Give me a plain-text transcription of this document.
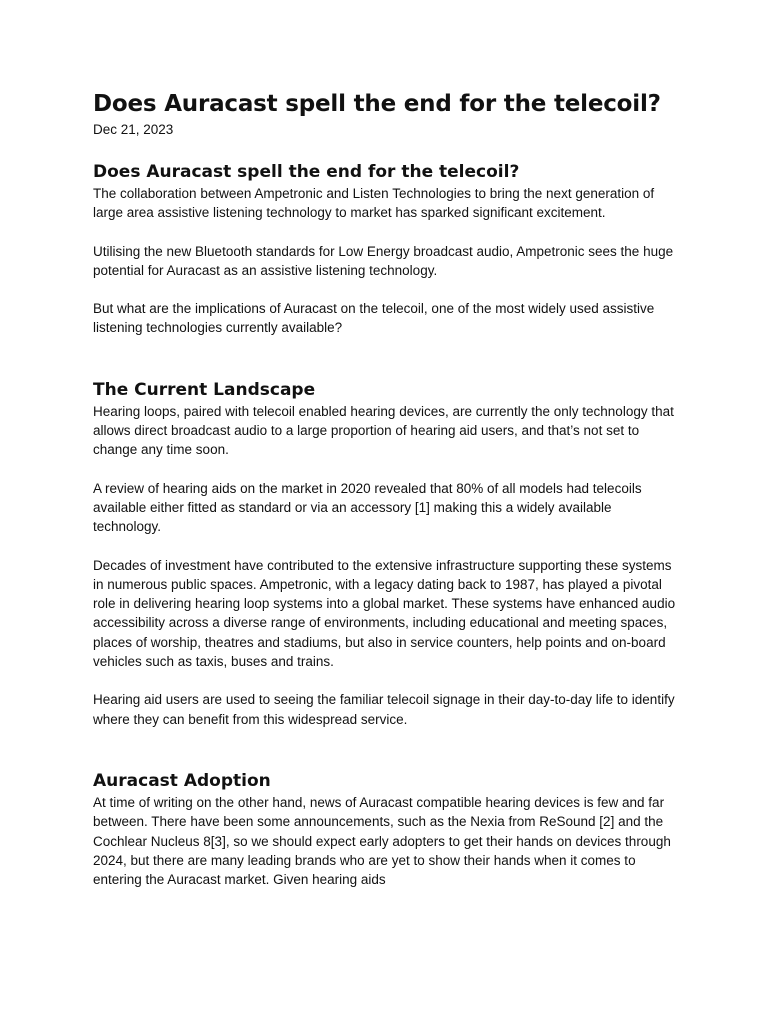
Does Auracast spell the end for the telecoil?
Dec 21, 2023
Does Auracast spell the end for the telecoil?

The collaboration between Ampetronic and Listen Technologies to bring the next generation of large area assistive listening technology to market has sparked significant excitement.

Utilising the new Bluetooth standards for Low Energy broadcast audio, Ampetronic sees the huge potential for Auracast as an assistive listening technology.

But what are the implications of Auracast on the telecoil, one of the most widely used assistive listening technologies currently available?

The Current Landscape

Hearing loops, paired with telecoil enabled hearing devices, are currently the only technology that allows direct broadcast audio to a large proportion of hearing aid users, and that’s not set to change any time soon.

A review of hearing aids on the market in 2020 revealed that 80% of all models had telecoils available either fitted as standard or via an accessory [1] making this a widely available technology.

Decades of investment have contributed to the extensive infrastructure supporting these systems in numerous public spaces. Ampetronic, with a legacy dating back to 1987, has played a pivotal role in delivering hearing loop systems into a global market. These systems have enhanced audio accessibility across a diverse range of environments, including educational and meeting spaces, places of worship, theatres and stadiums, but also in service counters, help points and on-board vehicles such as taxis, buses and trains.

Hearing aid users are used to seeing the familiar telecoil signage in their day-to-day life to identify where they can benefit from this widespread service.

Auracast Adoption

At time of writing on the other hand, news of Auracast compatible hearing devices is few and far between. There have been some announcements, such as the Nexia from ReSound [2] and the Cochlear Nucleus 8[3], so we should expect early adopters to get their hands on devices through 2024, but there are many leading brands who are yet to show their hands when it comes to entering the Auracast market. Given hearing aids
